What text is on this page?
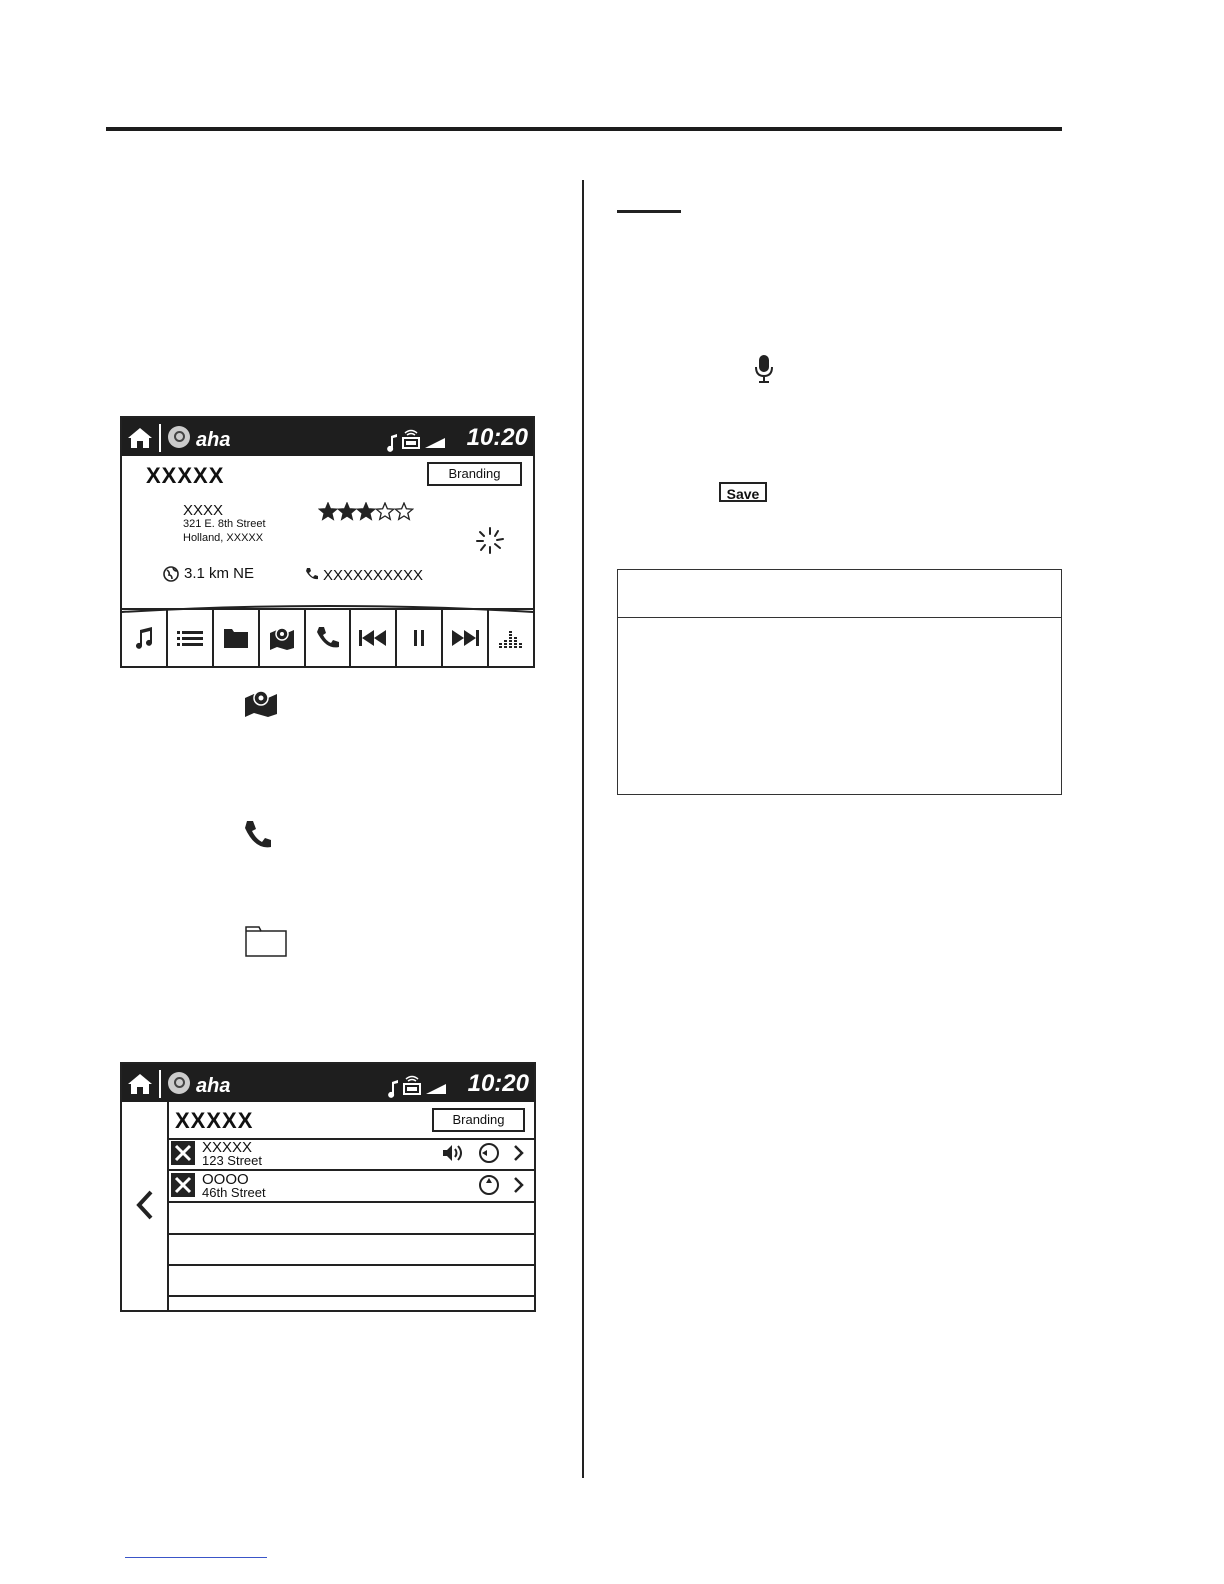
aha	10:20
XXXXX	Branding
XXXX
321 E. 8th Street
Holland, XXXXX
3.1 km NE	XXXXXXXXXX
aha	10:20
XXXXX	Branding
XXXXX
123 Street
OOOO
46th Street
Save
